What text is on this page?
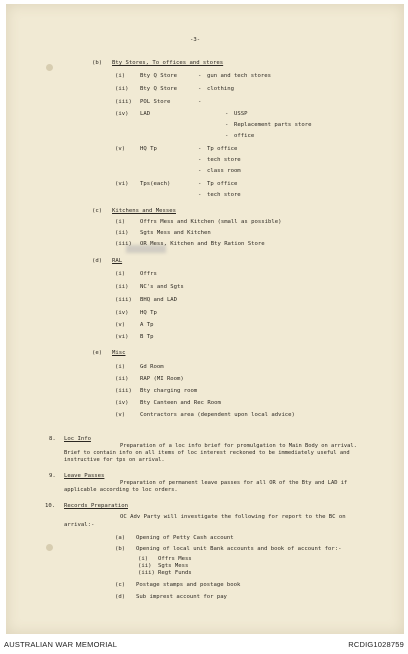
-3-
(b) Bty Stores, To offices and stores
(i)	Bty Q Store	- gun and tech stores
(ii) Bty Q Store	- clothing
(iii) POL Store	-
(iv) LAD	- USSP
- Replacement parts store
- office
(v)	HQ Tp	- Tp office
- tech store
- class room
(vi) Tps(each)	- Tp office
- tech store
(c) Kitchens and Messes
(i)	Offrs Mess and Kitchen (small as possible)
(ii) Sgts Mess and Kitchen
(iii) OR Mess, Kitchen and Bty Ration Store
(d) RAL
(i)	Offrs
(ii) NC's and Sgts
(iii) BHQ and LAD
(iv) HQ Tp
(v)	A Tp
(vi) B Tp
(e) Misc
(i)	Gd Room
(ii) RAP (MI Room)
(iii) Bty charging room
(iv) Bty Canteen and Rec Room
(v)	Contractors area (dependent upon local advice)
8. Loc Info
Preparation of a loc info brief for promulgation to Main Body on arrival. Brief to contain info on all items of loc interest reckoned to be immediately useful and instructive for tps on arrival.
9. Leave Passes
Preparation of permanent leave passes for all OR of the Bty and LAD if applicable according to loc orders.
10. Records Preparation
OC Adv Party will investigate the following for report to the BC on
arrival:-
(a) Opening of Petty Cash account
(b) Opening of local unit Bank accounts and book of account for:-
(i) Offrs Mess
(ii) Sgts Mess
(iii) Regt Funds
(c) Postage stamps and postage book
(d) Sub imprest account for pay
AUSTRALIAN WAR MEMORIAL	RCDIG1028759
